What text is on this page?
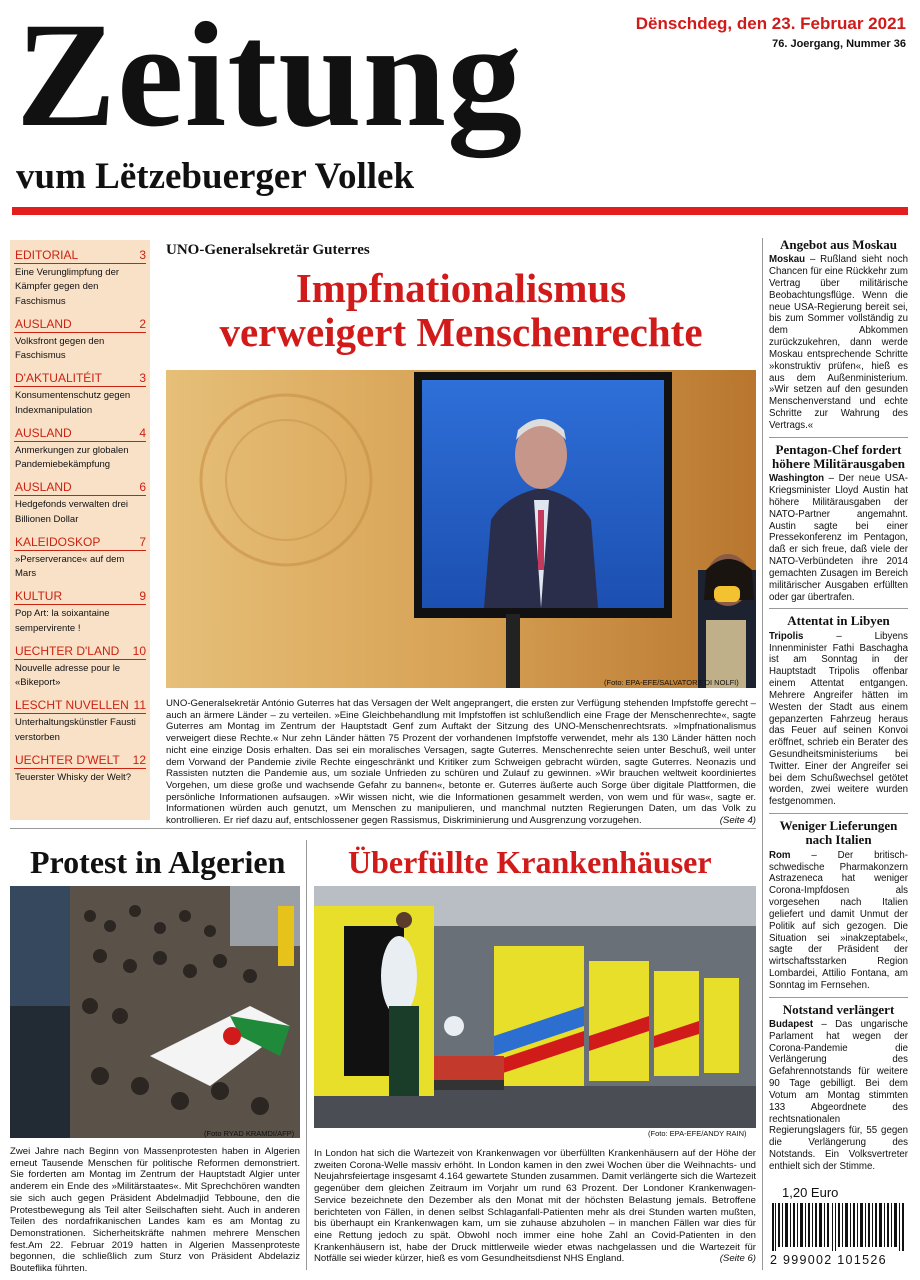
Zeitung
vum Lëtzebuerger Vollek
Dënschdeg, den 23. Februar 2021
76. Joergang, Nummer 36
EDITORIAL	3
Eine Verunglimpfung der Kämpfer gegen den Faschismus
AUSLAND	2
Volksfront gegen den Faschismus
D'AKTUALITÉIT	3
Konsumentenschutz gegen Indexmanipulation
AUSLAND	4
Anmerkungen zur globalen Pandemiebekämpfung
AUSLAND	6
Hedgefonds verwalten drei Billionen Dollar
KALEIDOSKOP	7
»Perserverance« auf dem Mars
KULTUR	9
Pop Art: la soixantaine sempervirente !
UECHTER D'LAND 10
Nouvelle adresse pour le «Bikeport»
LESCHT NUVELLEN 11
Unterhaltungskünstler Fausti verstorben
UECHTER D'WELT 12
Teuerster Whisky der Welt?
UNO-Generalsekretär Guterres
Impfnationalismus
verweigert Menschenrechte
(Foto: EPA-EFE/SALVATORE DI NOLFI)
UNO-Generalsekretär António Guterres hat das Versagen der Welt angeprangert, die ersten zur Verfügung stehenden Impfstoffe gerecht – auch an ärmere Länder – zu verteilen. »Eine Gleichbehandlung mit Impfstoffen ist schlußendlich eine Frage der Menschenrechte«, sagte Guterres am Montag im Zentrum der Hauptstadt Genf zum Auftakt der Sitzung des UNO-Menschenrechtsrats. »Impfnationalismus verweigert diese Rechte.« Nur zehn Länder hätten 75 Prozent der vorhandenen Impfstoffe verwendet, mehr als 130 Länder hätten noch nicht eine einzige Dosis erhalten. Das sei ein moralisches Versagen, sagte Guterres. Menschenrechte seien unter Beschuß, weil unter dem Vorwand der Pandemie zivile Rechte eingeschränkt und Kritiker zum Schweigen gebracht würden, sagte Guterres. Neonazis und Rassisten nutzten die Pandemie aus, um soziale Unfrieden zu schüren und Zulauf zu gewinnen. »Wir brauchen weltweit koordiniertes Vorgehen, um diese große und wachsende Gefahr zu bannen«, betonte er. Guterres äußerte auch Sorge über digitale Plattformen, die persönliche Informationen aufsaugen. »Wir wissen nicht, wie die Informationen gesammelt werden, von wem und für was«, sagte er. Informationen würden auch genutzt, um Menschen zu manipulieren, und manchmal nutzten Regierungen Daten, um das Volk zu kontrollieren. Er rief dazu auf, entschlossener gegen Rassismus, Diskriminierung und Ausgrenzung vorzugehen.	(Seite 4)
Angebot aus Moskau
Moskau – Rußland sieht noch Chancen für eine Rückkehr zum Vertrag über militärische Beobachtungsflüge. Wenn die neue USA-Regierung bereit sei, bis zum Sommer vollständig zu dem Abkommen zurückzukehren, dann werde Moskau entsprechende Schritte »konstruktiv prüfen«, hieß es aus dem Außenministerium. »Wir setzen auf den gesunden Menschenverstand und echte Schritte zur Wahrung des Vertrags.«
Pentagon-Chef fordert höhere Militärausgaben
Washington – Der neue USA-Kriegsminister Lloyd Austin hat höhere Militärausgaben der NATO-Partner angemahnt. Austin sagte bei einer Pressekonferenz im Pentagon, daß er sich freue, daß viele der NATO-Verbündeten ihre 2014 gemachten Zusagen im Bereich militärischer Ausgaben erfüllten oder gar übertrafen.
Attentat in Libyen
Tripolis – Libyens Innenminister Fathi Baschagha ist am Sonntag in der Hauptstadt Tripolis offenbar einem Attentat entgangen. Mehrere Angreifer hätten im Westen der Stadt aus einem gepanzerten Fahrzeug heraus das Feuer auf seinen Konvoi eröffnet, schrieb ein Berater des Gesundheitsministeriums bei Twitter. Einer der Angreifer sei bei dem Schußwechsel getötet worden, zwei weitere wurden festgenommen.
Weniger Lieferungen nach Italien
Rom – Der britisch-schwedische Pharmakonzern Astrazeneca hat weniger Corona-Impfdosen als vorgesehen nach Italien geliefert und damit Unmut der Politik auf sich gezogen. Die Situation sei »inakzeptabel«, sagte der Präsident der wirtschaftsstarken Region Lombardei, Attilio Fontana, am Sonntag im Fernsehen.
Notstand verlängert
Budapest – Das ungarische Parlament hat wegen der Corona-Pandemie die Verlängerung des Gefahrennotstands für weitere 90 Tage gebilligt. Bei dem Votum am Montag stimmten 133 Abgeordnete des rechtsnationalen Regierungslagers für, 55 gegen die Verlängerung des Notstands. Ein Volksvertreter enthielt sich der Stimme.
Protest in Algerien
(Foto RYAD KRAMDI/AFP)
Zwei Jahre nach Beginn von Massenprotesten haben in Algerien erneut Tausende Menschen für politische Reformen demonstriert. Sie forderten am Montag im Zentrum der Hauptstadt Algier unter anderem ein Ende des »Militärstaates«. Mit Sprechchören wandten sie sich auch gegen Präsident Abdelmadjid Tebboune, den die Protestbewegung als Teil alter Seilschaften sieht. Auch in anderen Teilen des nordafrikanischen Landes kam es am Montag zu Demonstrationen. Sicherheitskräfte nahmen mehrere Menschen fest.Am 22. Februar 2019 hatten in Algerien Massenproteste begonnen, die schließlich zum Sturz von Präsident Abdelaziz Bouteflika führten.
Überfüllte Krankenhäuser
(Foto: EPA-EFE/ANDY RAIN)
In London hat sich die Wartezeit von Krankenwagen vor überfüllten Krankenhäusern auf der Höhe der zweiten Corona-Welle massiv erhöht. In London kamen in den zwei Wochen über die Weihnachts- und Neujahrsfeiertage insgesamt 4.164 gewartete Stunden zusammen. Damit verlängerte sich die Wartezeit gegenüber dem gleichen Zeitraum im Vorjahr um rund 63 Prozent. Der Londoner Krankenwagen-Service bezeichnete den Dezember als den Monat mit der höchsten Belastung jemals. Betroffene berichteten von Fällen, in denen selbst Schlaganfall-Patienten mehr als drei Stunden warten mußten, bis überhaupt ein Krankenwagen kam, um sie zuhause abzuholen – in manchen Fällen war dies für eine Rettung jedoch zu spät. Obwohl noch immer eine hohe Zahl an Covid-Patienten in den Krankenhäusern ist, habe der Druck mittlerweile wieder etwas nachgelassen und die Wartezeit für Notfälle sei wieder kürzer, hieß es vom Gesundheitsdienst NHS England.	(Seite 6)
1,20 Euro
2 999002 101526
